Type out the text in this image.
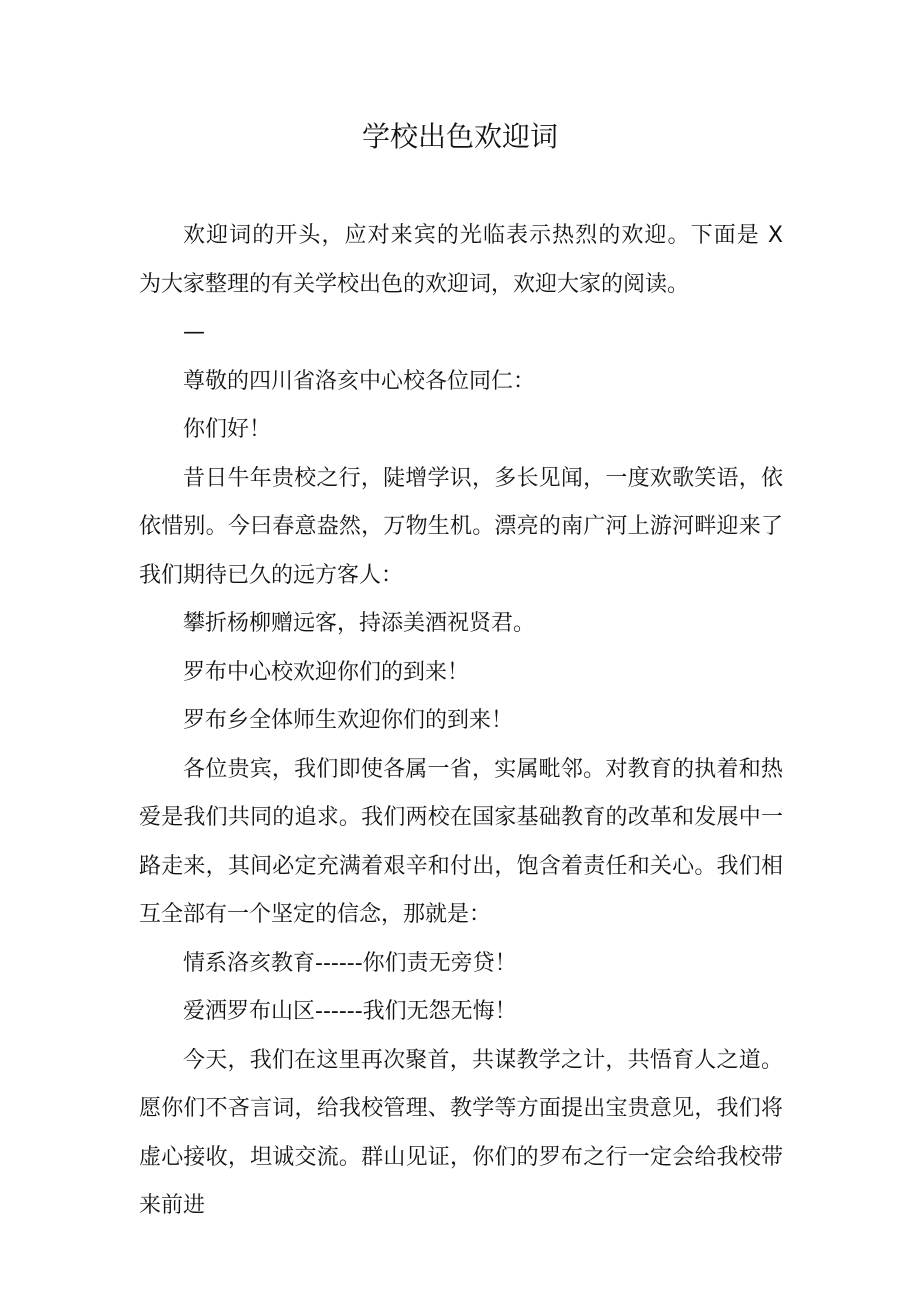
学校出色欢迎词

欢迎词的开头，应对来宾的光临表示热烈的欢迎。下面是 X 为大家整理的有关学校出色的欢迎词，欢迎大家的阅读。

—

尊敬的四川省洛亥中心校各位同仁：

你们好！

昔日牛年贵校之行，陡增学识，多长见闻，一度欢歌笑语，依依惜别。今曰春意盎然，万物生机。漂亮的南广河上游河畔迎来了我们期待已久的远方客人：

攀折杨柳赠远客，持添美酒祝贤君。

罗布中心校欢迎你们的到来！

罗布乡全体师生欢迎你们的到来！

各位贵宾，我们即使各属一省，实属毗邻。对教育的执着和热爱是我们共同的追求。我们两校在国家基础教育的改革和发展中一路走来，其间必定充满着艰辛和付出，饱含着责任和关心。我们相互全部有一个坚定的信念，那就是：

情系洛亥教育------你们责无旁贷！

爱洒罗布山区------我们无怨无悔！

今天，我们在这里再次聚首，共谋教学之计，共悟育人之道。愿你们不吝言词，给我校管理、教学等方面提出宝贵意见，我们将虚心接收，坦诚交流。群山见证，你们的罗布之行一定会给我校带来前进
